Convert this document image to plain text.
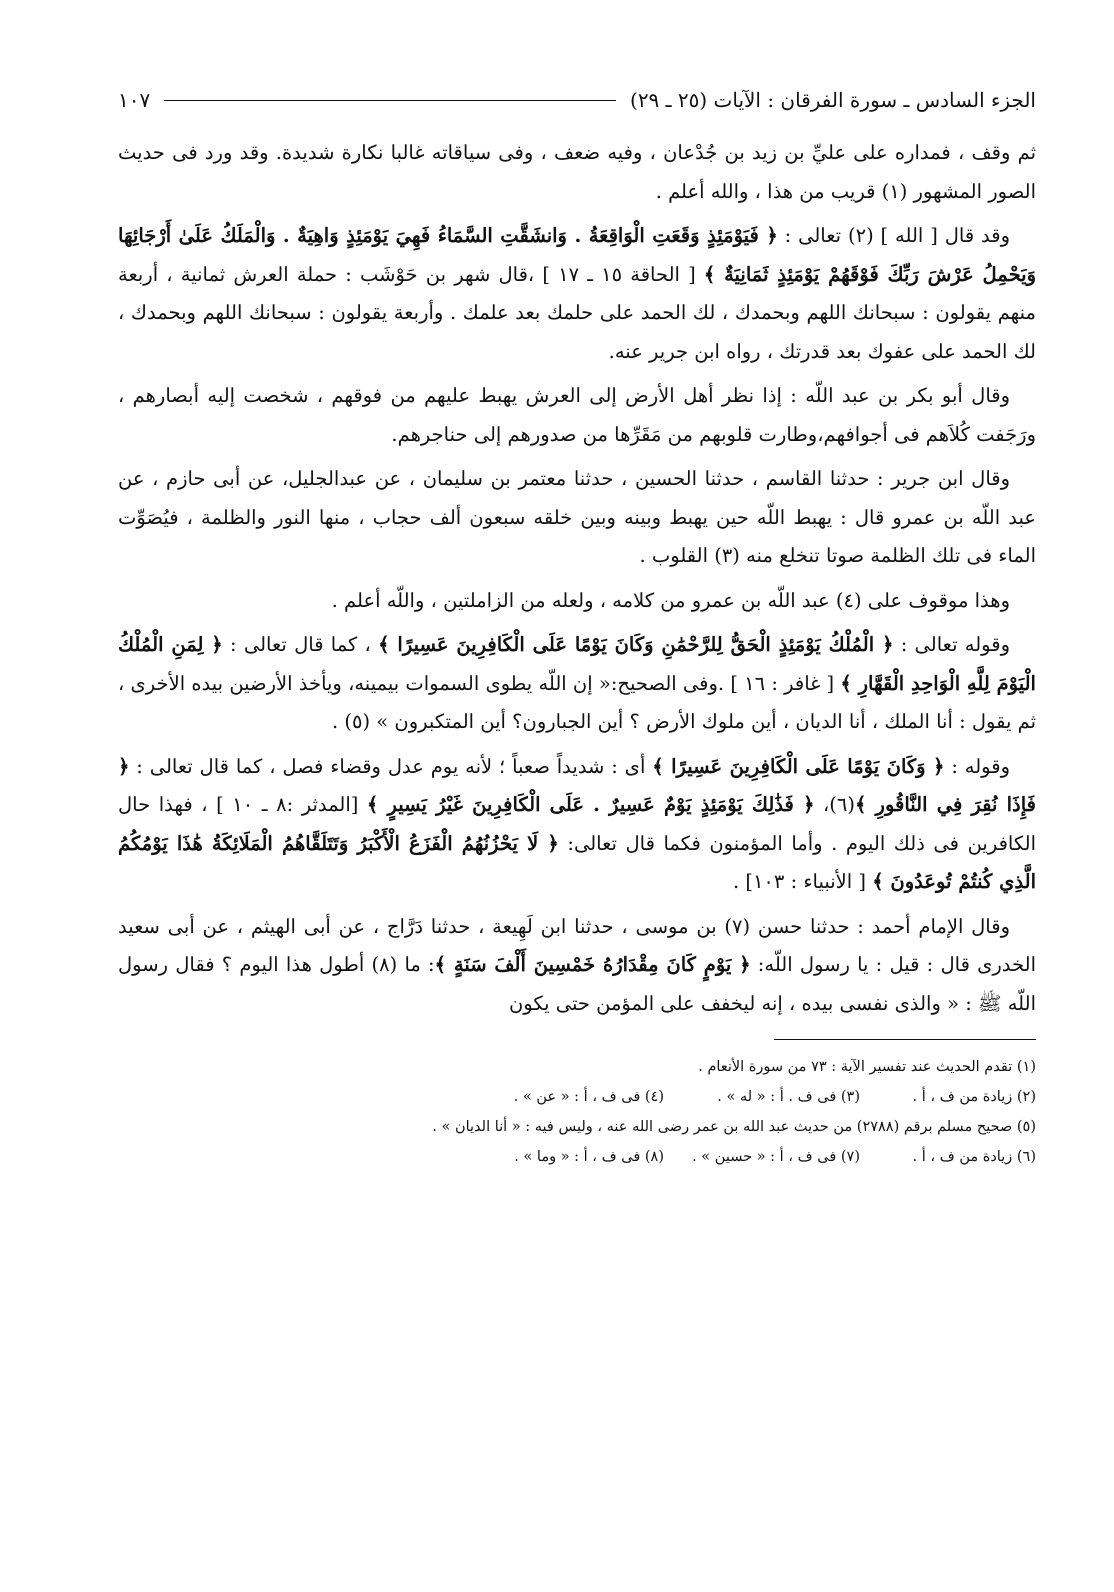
الجزء السادس ـ سورة الفرقان : الآيات (٢٥ ـ ٢٩)
١٠٧

ثم وقف ، فمداره على عليِّ بن زيد بن جُدْعان ، وفيه ضعف ، وفى سياقاته غالبا نكارة شديدة. وقد ورد فى حديث الصور المشهور (١) قريب من هذا ، والله أعلم .

وقد قال [ الله ] (٢) تعالى : ﴿ فَيَوْمَئِذٍ وَقَعَتِ الْوَاقِعَةُ . وَانشَقَّتِ السَّمَاءُ فَهِيَ يَوْمَئِذٍ وَاهِيَةٌ . وَالْمَلَكُ عَلَىٰ أَرْجَائِهَا وَيَحْمِلُ عَرْشَ رَبِّكَ فَوْقَهُمْ يَوْمَئِذٍ ثَمَانِيَةٌ ﴾ [ الحاقة ١٥ ـ ١٧ ] ،قال شهر بن حَوْشَب : حملة العرش ثمانية ، أربعة منهم يقولون : سبحانك اللهم وبحمدك ، لك الحمد على حلمك بعد علمك . وأربعة يقولون : سبحانك اللهم وبحمدك ، لك الحمد على عفوك بعد قدرتك ، رواه ابن جرير عنه.

وقال أبو بكر بن عبد اللّه : إذا نظر أهل الأرض إلى العرش يهبط عليهم من فوقهم ، شخصت إليه أبصارهم ، ورَجَفت كُلاَهم فى أجوافهم،وطارت قلوبهم من مَقَرِّها من صدورهم إلى حناجرهم.

وقال ابن جرير : حدثنا القاسم ، حدثنا الحسين ، حدثنا معتمر بن سليمان ، عن عبدالجليل، عن أبى حازم ، عن عبد اللّه بن عمرو قال : يهبط اللّه حين يهبط وبينه وبين خلقه سبعون ألف حجاب ، منها النور والظلمة ، فيُصَوِّت الماء فى تلك الظلمة صوتا تنخلع منه (٣) القلوب .

وهذا موقوف على (٤) عبد اللّه بن عمرو من كلامه ، ولعله من الزاملتين ، واللّه أعلم .

وقوله تعالى : ﴿ الْمُلْكُ يَوْمَئِذٍ الْحَقُّ لِلرَّحْمَٰنِ وَكَانَ يَوْمًا عَلَى الْكَافِرِينَ عَسِيرًا ﴾ ، كما قال تعالى : ﴿ لِمَنِ الْمُلْكُ الْيَوْمَ لِلَّهِ الْوَاحِدِ الْقَهَّارِ ﴾ [ غافر : ١٦ ] .وفى الصحيح:« إن اللّه يطوى السموات بيمينه، ويأخذ الأرضين بيده الأخرى ، ثم يقول : أنا الملك ، أنا الديان ، أين ملوك الأرض ؟ أين الجبارون؟ أين المتكبرون » (٥) .

وقوله : ﴿ وَكَانَ يَوْمًا عَلَى الْكَافِرِينَ عَسِيرًا ﴾ أى : شديداً صعباً ؛ لأنه يوم عدل وقضاء فصل ، كما قال تعالى : ﴿ فَإِذَا نُقِرَ فِي النَّاقُورِ ﴾(٦)، ﴿ فَذَٰلِكَ يَوْمَئِذٍ يَوْمٌ عَسِيرٌ . عَلَى الْكَافِرِينَ غَيْرُ يَسِيرٍ ﴾ [المدثر :٨ ـ ١٠ ] ، فهذا حال الكافرين فى ذلك اليوم . وأما المؤمنون فكما قال تعالى: ﴿ لَا يَحْزُنُهُمُ الْفَزَعُ الْأَكْبَرُ وَتَتَلَقَّاهُمُ الْمَلَائِكَةُ هَٰذَا يَوْمُكُمُ الَّذِي كُنتُمْ تُوعَدُونَ ﴾ [ الأنبياء : ١٠٣] .

وقال الإمام أحمد : حدثنا حسن (٧) بن موسى ، حدثنا ابن لَهِيعة ، حدثنا دَرَّاج ، عن أبى الهيثم ، عن أبى سعيد الخدرى قال : قيل : يا رسول اللّه: ﴿ يَوْمٍ كَانَ مِقْدَارُهُ خَمْسِينَ أَلْفَ سَنَةٍ ﴾: ما (٨) أطول هذا اليوم ؟ فقال رسول اللّه ﷺ : « والذى نفسى بيده ، إنه ليخفف على المؤمن حتى يكون

(١) تقدم الحديث عند تفسير الآية : ٧٣ من سورة الأنعام .
(٢) زيادة من ف ، أ .
(٣) فى ف . أ : « له » .
(٤) فى ف ، أ : « عن » .
(٥) صحيح مسلم برقم (٢٧٨٨) من حديث عبد الله بن عمر رضى الله عنه ، وليس فيه : « أنا الديان » .
(٦) زيادة من ف ، أ .
(٧) فى ف ، أ : « حسين » .
(٨) فى ف ، أ : « وما » .
